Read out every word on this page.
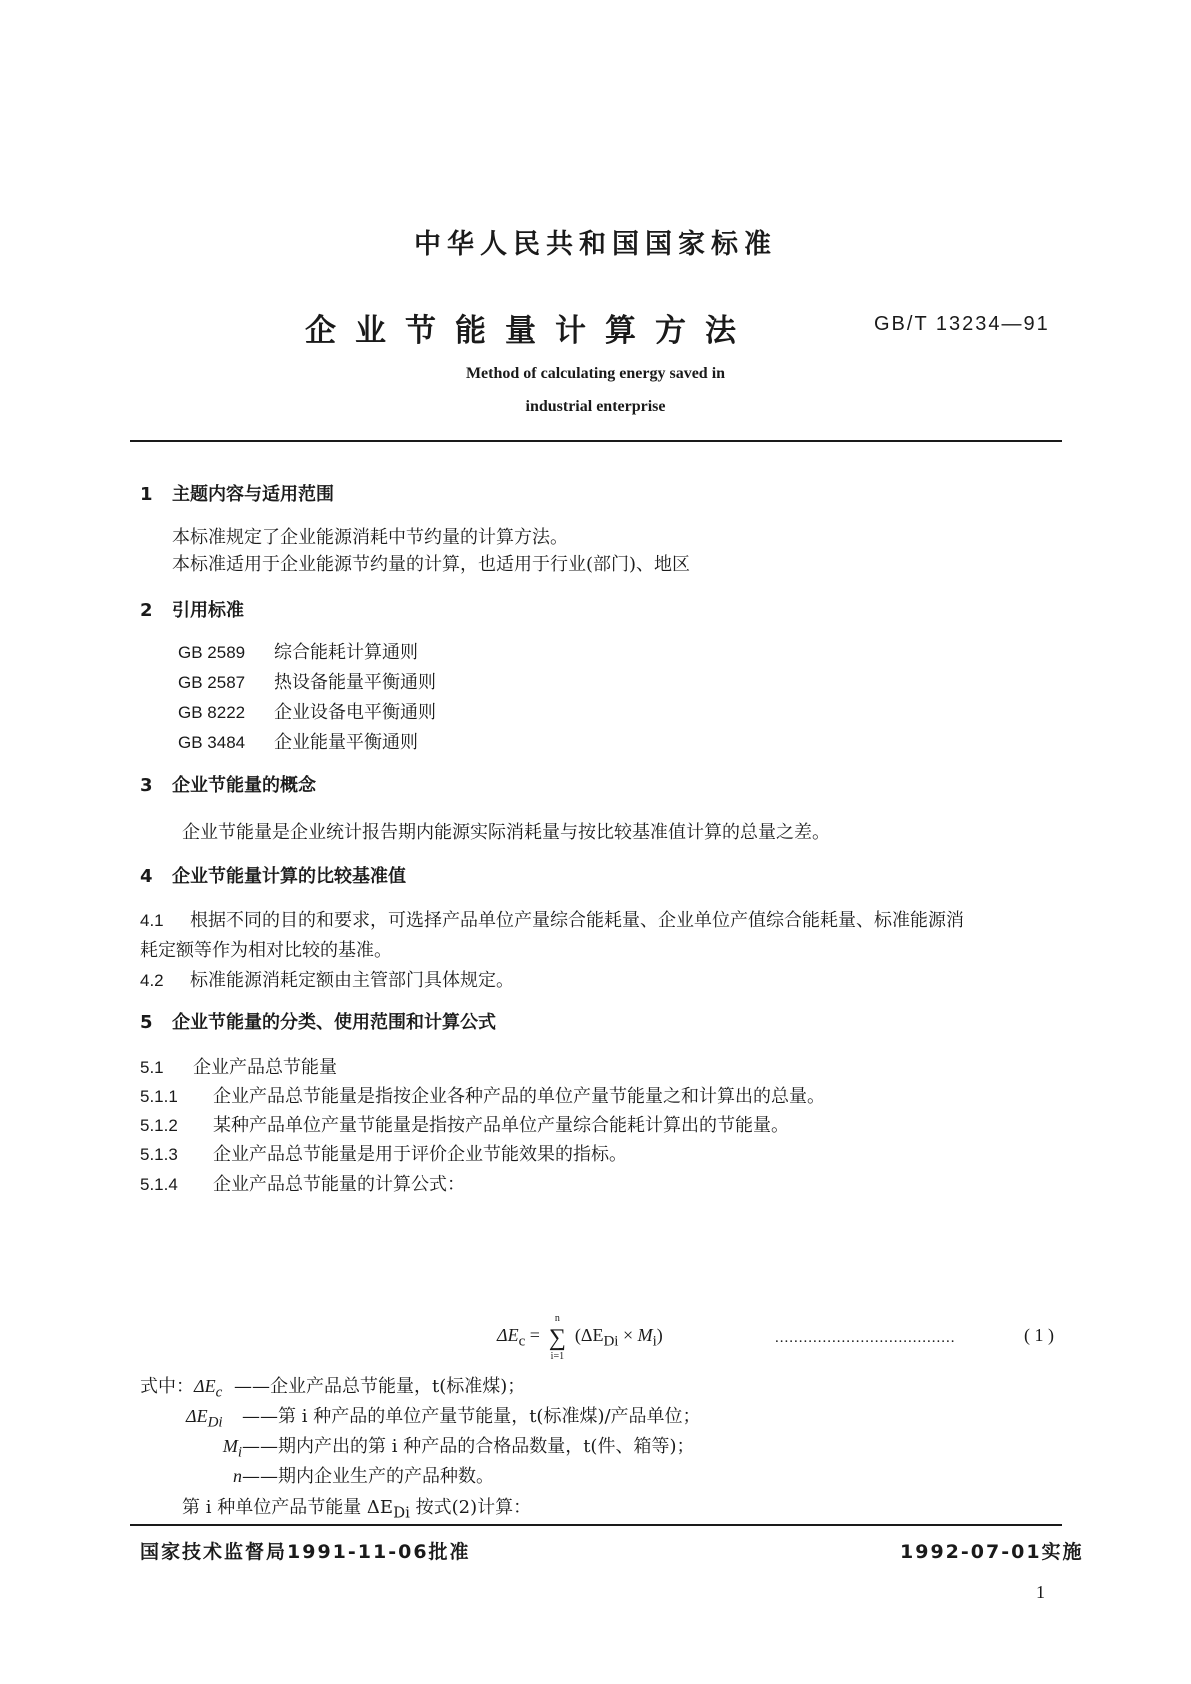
中华人民共和国国家标准
企业节能量计算方法	GB/T 13234—91
Method of calculating energy saved in
industrial enterprise
1 主题内容与适用范围
本标准规定了企业能源消耗中节约量的计算方法。
本标准适用于企业能源节约量的计算，也适用于行业(部门)、地区
2 引用标准
GB 2589 综合能耗计算通则
GB 2587 热设备能量平衡通则
GB 8222 企业设备电平衡通则
GB 3484 企业能量平衡通则
3 企业节能量的概念
企业节能量是企业统计报告期内能源实际消耗量与按比较基准值计算的总量之差。
4 企业节能量计算的比较基准值
4.1 根据不同的目的和要求，可选择产品单位产量综合能耗量、企业单位产值综合能耗量、标准能源消
耗定额等作为相对比较的基准。
4.2 标准能源消耗定额由主管部门具体规定。
5 企业节能量的分类、使用范围和计算公式
5.1 企业产品总节能量
5.1.1 企业产品总节能量是指按企业各种产品的单位产量节能量之和计算出的总量。
5.1.2 某种产品单位产量节能量是指按产品单位产量综合能耗计算出的节能量。
5.1.3 企业产品总节能量是用于评价企业节能效果的指标。
5.1.4 企业产品总节能量的计算公式：
$\Delta E_c$ = ∑
n
i=1
$(\Delta E_{Di} \times M_i)$	......................................	( 1 )
式中：$\Delta E_c$ ——企业产品总节能量，t(标准煤)；
$\Delta E_{Di}$ ——第 i 种产品的单位产量节能量，t(标准煤)/产品单位；
$M_i——$期内产出的第 i 种产品的合格品数量，t(件、箱等)；
n——期内企业生产的产品种数。
第 i 种单位产品节能量 $\Delta E_{Di}$ 按式(2)计算：
国家技术监督局1991-11-06批准	1992-07-01实施
1
